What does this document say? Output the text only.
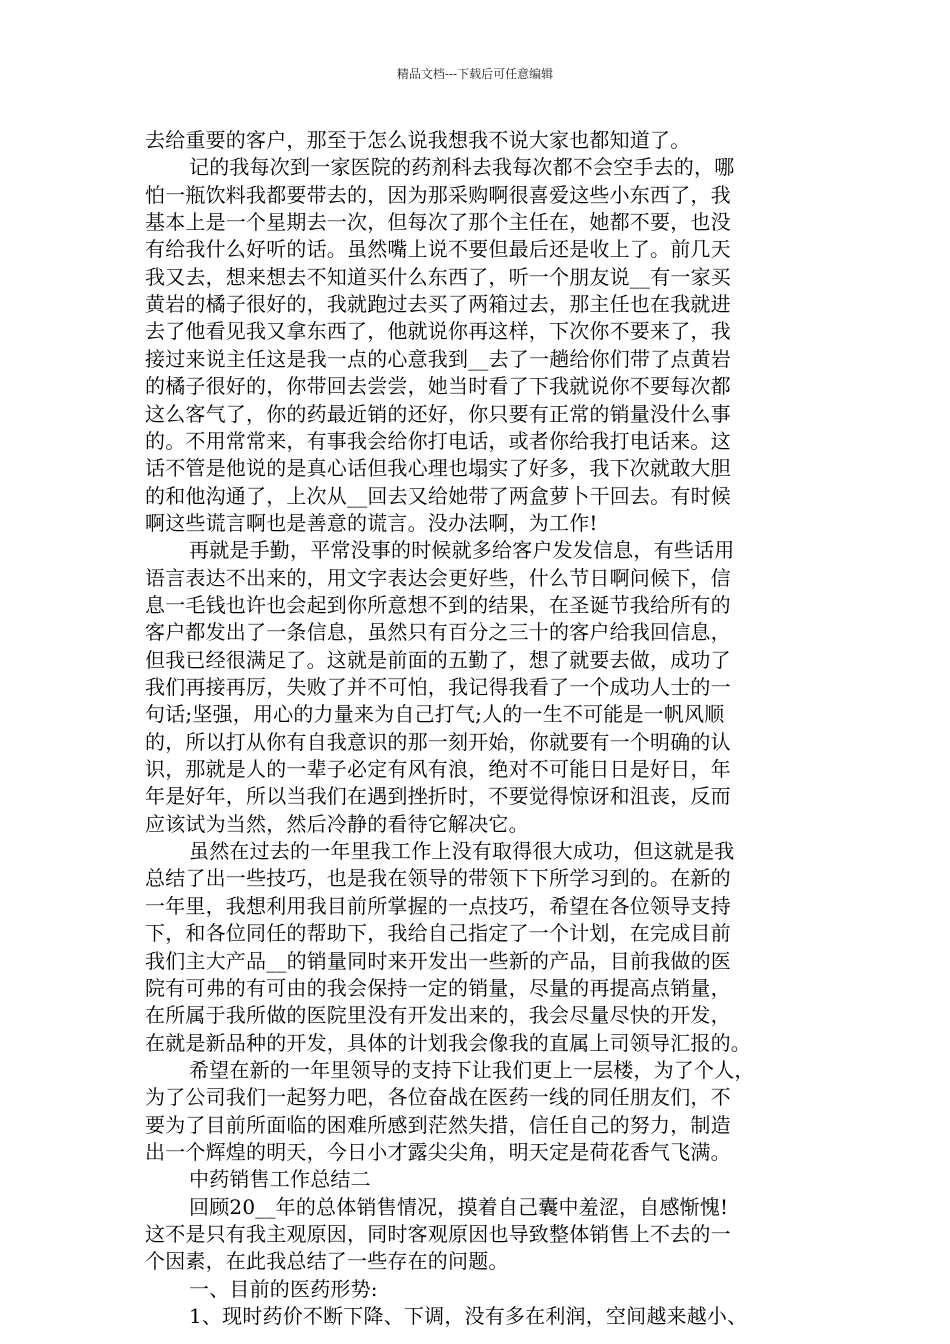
精品文档---下载后可任意编辑
去给重要的客户，那至于怎么说我想我不说大家也都知道了。
记的我每次到一家医院的药剂科去我每次都不会空手去的，哪
怕一瓶饮料我都要带去的，因为那采购啊很喜爱这些小东西了，我
基本上是一个星期去一次，但每次了那个主任在，她都不要，也没
有给我什么好听的话。虽然嘴上说不要但最后还是收上了。前几天
我又去，想来想去不知道买什么东西了，听一个朋友说__有一家买
黄岩的橘子很好的，我就跑过去买了两箱过去，那主任也在我就进
去了他看见我又拿东西了，他就说你再这样，下次你不要来了，我
接过来说主任这是我一点的心意我到__去了一趟给你们带了点黄岩
的橘子很好的，你带回去尝尝，她当时看了下我就说你不要每次都
这么客气了，你的药最近销的还好，你只要有正常的销量没什么事
的。不用常常来，有事我会给你打电话，或者你给我打电话来。这
话不管是他说的是真心话但我心理也塌实了好多，我下次就敢大胆
的和他沟通了，上次从__回去又给她带了两盒萝卜干回去。有时候
啊这些谎言啊也是善意的谎言。没办法啊，为工作!
再就是手勤，平常没事的时候就多给客户发发信息，有些话用
语言表达不出来的，用文字表达会更好些，什么节日啊问候下，信
息一毛钱也许也会起到你所意想不到的结果，在圣诞节我给所有的
客户都发出了一条信息，虽然只有百分之三十的客户给我回信息，
但我已经很满足了。这就是前面的五勤了，想了就要去做，成功了
我们再接再厉，失败了并不可怕，我记得我看了一个成功人士的一
句话;坚强，用心的力量来为自己打气;人的一生不可能是一帆风顺
的，所以打从你有自我意识的那一刻开始，你就要有一个明确的认
识，那就是人的一辈子必定有风有浪，绝对不可能日日是好日，年
年是好年，所以当我们在遇到挫折时，不要觉得惊讶和沮丧，反而
应该试为当然，然后冷静的看待它解决它。
虽然在过去的一年里我工作上没有取得很大成功，但这就是我
总结了出一些技巧，也是我在领导的带领下下所学习到的。在新的
一年里，我想利用我目前所掌握的一点技巧，希望在各位领导支持
下，和各位同任的帮助下，我给自己指定了一个计划，在完成目前
我们主大产品__的销量同时来开发出一些新的产品，目前我做的医
院有可弗的有可由的我会保持一定的销量，尽量的再提高点销量，
在所属于我所做的医院里没有开发出来的，我会尽量尽快的开发，
在就是新品种的开发，具体的计划我会像我的直属上司领导汇报的。
希望在新的一年里领导的支持下让我们更上一层楼，为了个人，
为了公司我们一起努力吧，各位奋战在医药一线的同任朋友们，不
要为了目前所面临的困难所感到茫然失措，信任自己的努力，制造
出一个辉煌的明天，今日小才露尖尖角，明天定是荷花香气飞满。
中药销售工作总结二
回顾20__年的总体销售情况，摸着自己囊中羞涩，自感惭愧!
这不是只有我主观原因，同时客观原因也导致整体销售上不去的一
个因素，在此我总结了一些存在的问题。
一、目前的医药形势:
1、现时药价不断下降、下调，没有多在利润，空间越来越小、
